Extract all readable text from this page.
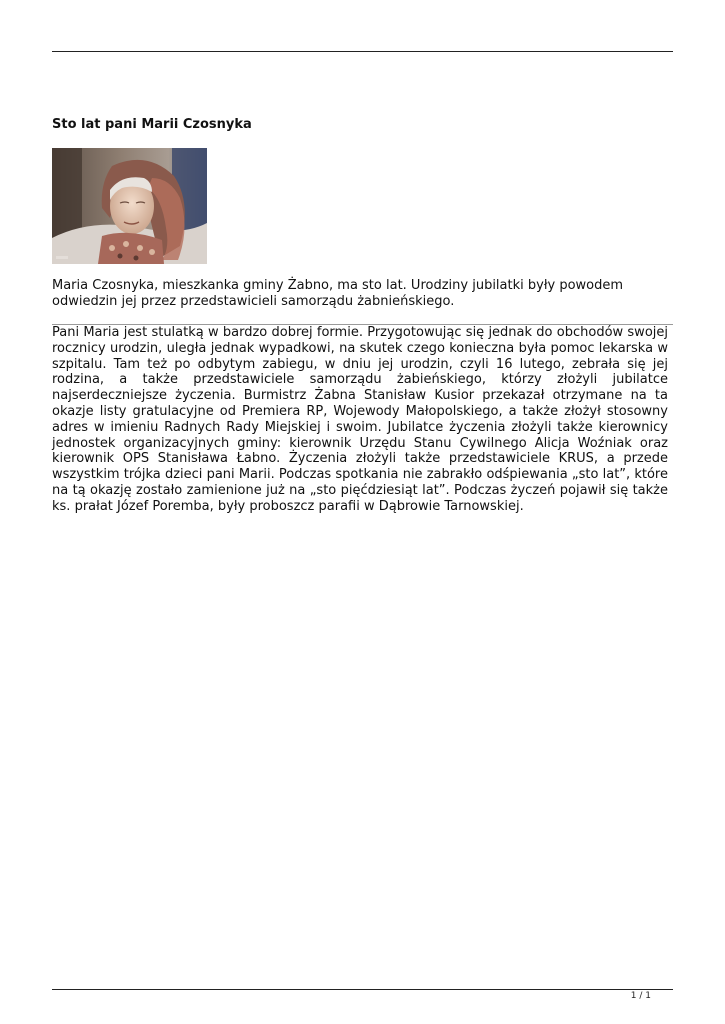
Sto lat pani Marii Czosnyka

Maria Czosnyka, mieszkanka gminy Żabno, ma sto lat. Urodziny jubilatki były powodem odwiedzin jej przez przedstawicieli samorządu żabnieńskiego.

Pani Maria jest stulatką w bardzo dobrej formie. Przygotowując się jednak do obchodów swojej rocznicy urodzin, uległa jednak wypadkowi, na skutek czego konieczna była pomoc lekarska w szpitalu. Tam też po odbytym zabiegu, w dniu jej urodzin, czyli 16 lutego, zebrała się jej rodzina, a także przedstawiciele samorządu żabieńskiego, którzy złożyli jubilatce najserdeczniejsze życzenia. Burmistrz Żabna Stanisław Kusior przekazał otrzymane na ta okazje listy gratulacyjne od Premiera RP, Wojewody Małopolskiego, a także złożył stosowny adres w imieniu Radnych Rady Miejskiej i swoim. Jubilatce życzenia złożyli także kierownicy jednostek organizacyjnych gminy: kierownik Urzędu Stanu Cywilnego Alicja Woźniak oraz kierownik OPS Stanisława Łabno. Życzenia złożyli także przedstawiciele KRUS, a przede wszystkim trójka dzieci pani Marii. Podczas spotkania nie zabrakło odśpiewania „sto lat”, które na tą okazję zostało zamienione już na „sto pięćdziesiąt lat”. Podczas życzeń pojawił się także ks. prałat Józef Poremba, były proboszcz parafii w Dąbrowie Tarnowskiej.

1 / 1
